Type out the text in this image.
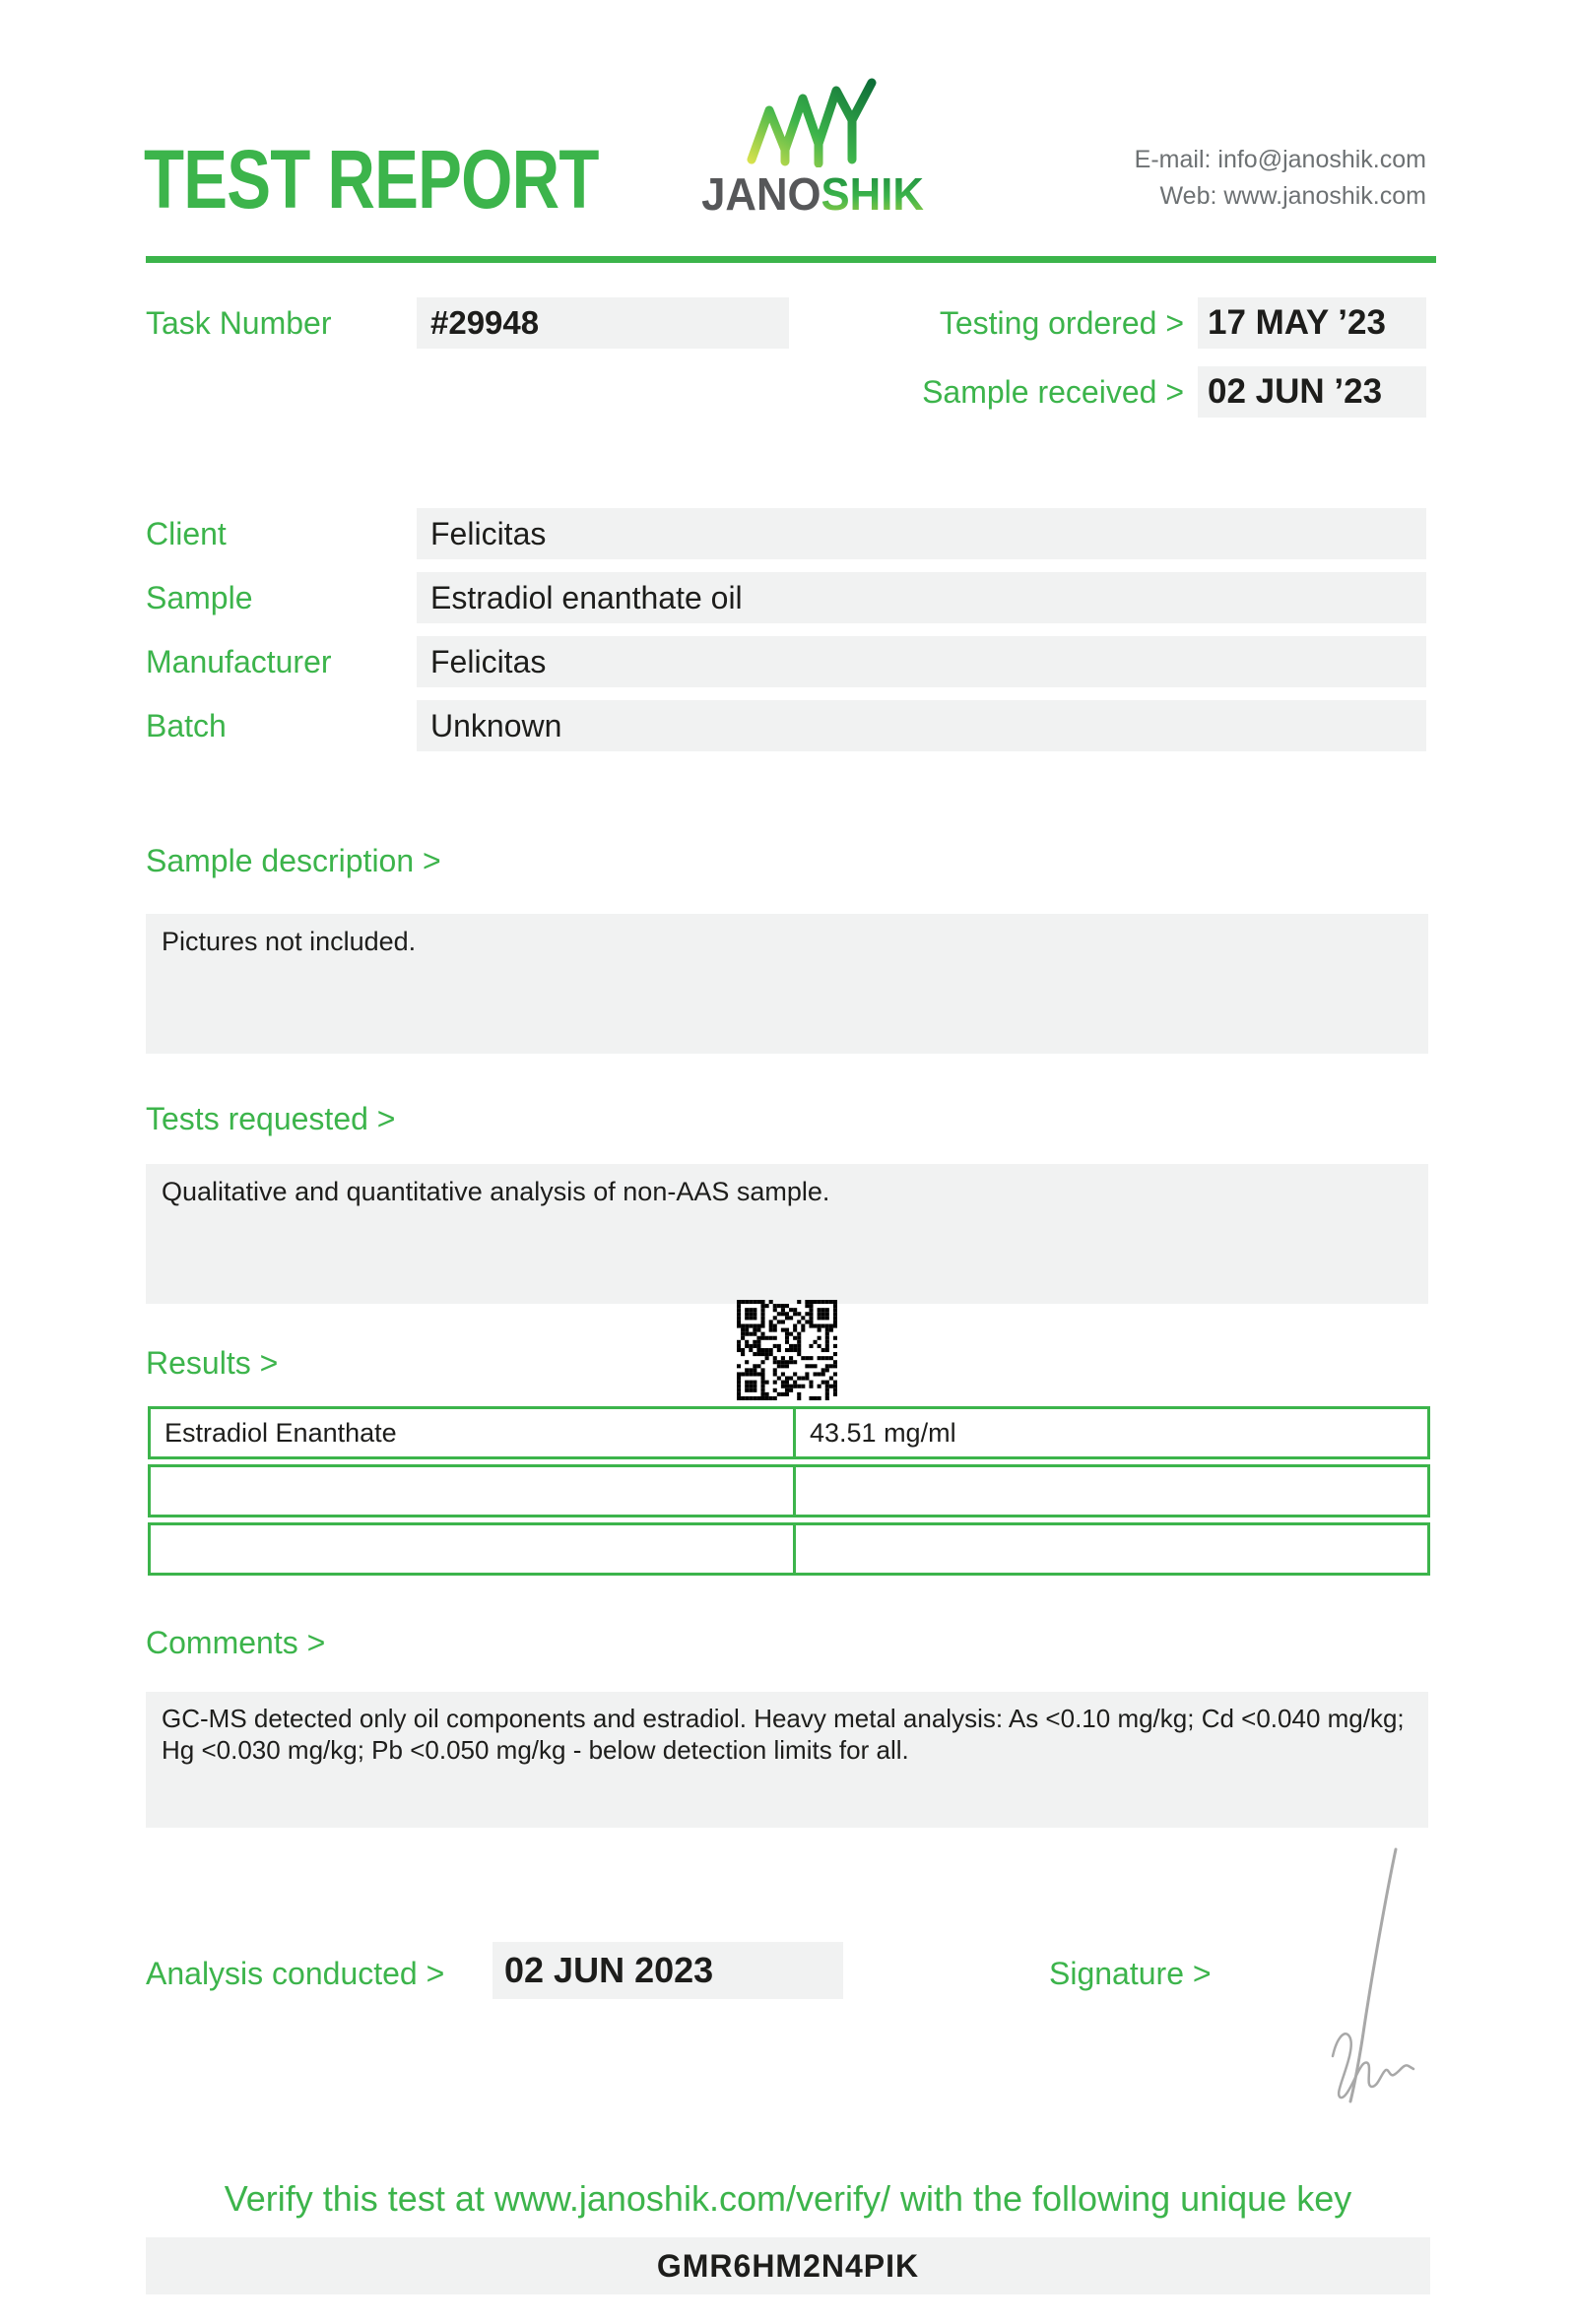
TEST REPORT JANOSHIK
E-mail: info@janoshik.com
Web: www.janoshik.com
Task Number	#29948	Testing ordered > 17 MAY ’23
Sample received > 02 JUN ’23
Client	Felicitas
Sample	Estradiol enanthate oil
Manufacturer	Felicitas
Batch	Unknown
Sample description >
Pictures not included.
Tests requested >
Qualitative and quantitative analysis of non-AAS sample.
Results >
Estradiol Enanthate	43.51 mg/ml
Comments >
GC-MS detected only oil components and estradiol. Heavy metal analysis: As <0.10 mg/kg; Cd <0.040 mg/kg; Hg <0.030 mg/kg; Pb <0.050 mg/kg - below detection limits for all.
Analysis conducted >	02 JUN 2023	Signature >
Verify this test at www.janoshik.com/verify/ with the following unique key
GMR6HM2N4PIK
